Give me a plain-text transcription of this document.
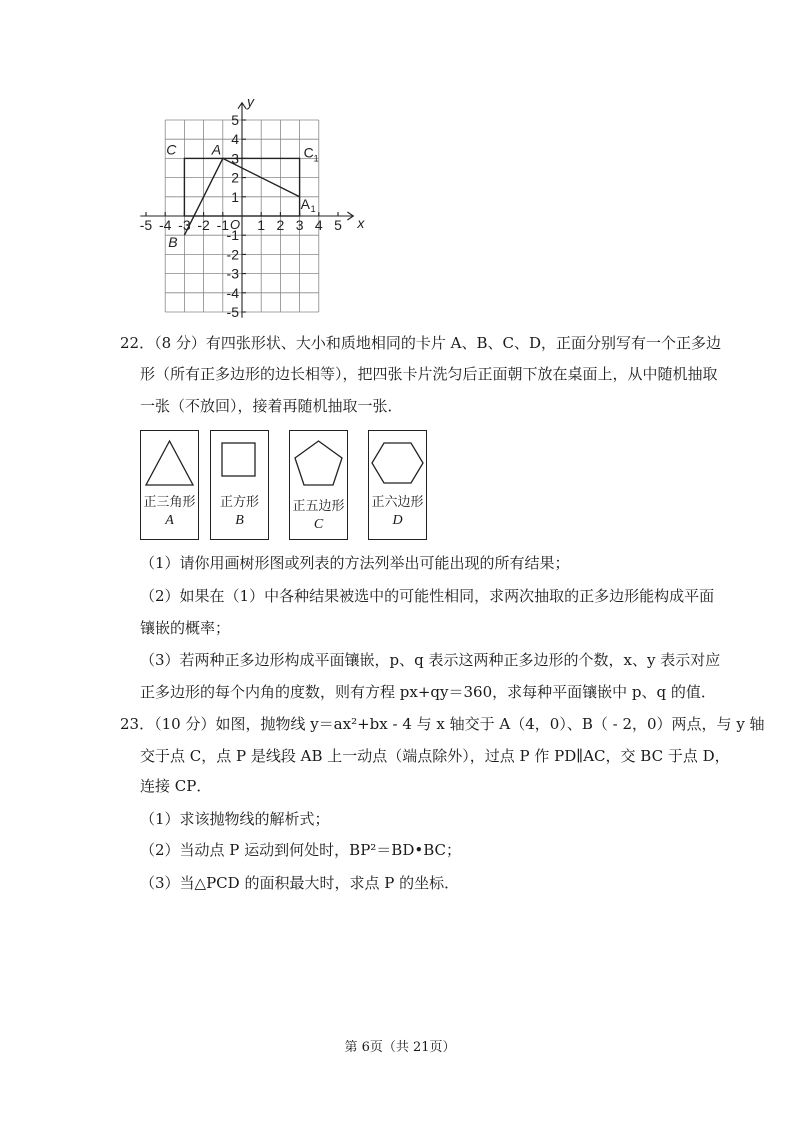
-5 -4 -3 -2 -1 1 2 3 4 5
5
4
3
2
1
-1
-2
-3
-4
-5
O	x
y
C	A	C 1
A 1
B
22．（8 分）有四张形状、大小和质地相同的卡片 A、B、C、D，正面分别写有一个正多边
形（所有正多边形的边长相等），把四张卡片洗匀后正面朝下放在桌面上，从中随机抽取
一张（不放回），接着再随机抽取一张．
正三角形
A
正方形
B
正五边形
C
正六边形
D
（1）请你用画树形图或列表的方法列举出可能出现的所有结果；
（2）如果在（1）中各种结果被选中的可能性相同，求两次抽取的正多边形能构成平面
镶嵌的概率；
（3）若两种正多边形构成平面镶嵌，p、q 表示这两种正多边形的个数，x、y 表示对应
正多边形的每个内角的度数，则有方程 px+qy＝360，求每种平面镶嵌中 p、q 的值．
23．（10 分）如图，抛物线 y＝ax²+bx - 4 与 x 轴交于 A（4，0）、B（ - 2，0）两点，与 y 轴
交于点 C，点 P 是线段 AB 上一动点（端点除外），过点 P 作 PD∥AC，交 BC 于点 D，
连接 CP．
（1）求该抛物线的解析式；
（2）当动点 P 运动到何处时，BP²＝BD•BC；
（3）当△PCD 的面积最大时，求点 P 的坐标．
第 6页（共 21页）
